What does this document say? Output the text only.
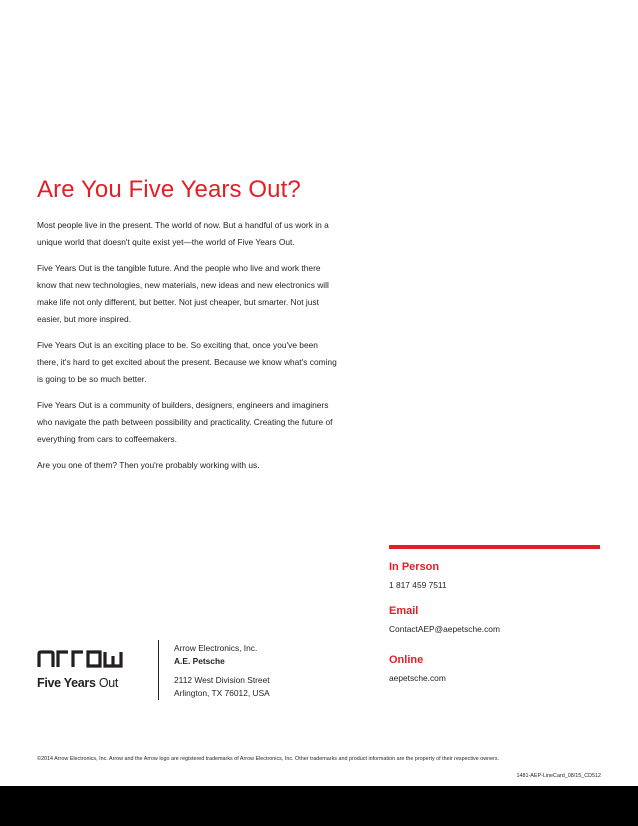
Are You Five Years Out?

Most people live in the present. The world of now. But a handful of us work in a unique world that doesn't quite exist yet—the world of Five Years Out.

Five Years Out is the tangible future. And the people who live and work there know that new technologies, new materials, new ideas and new electronics will make life not only different, but better. Not just cheaper, but smarter. Not just easier, but more inspired.

Five Years Out is an exciting place to be. So exciting that, once you've been there, it's hard to get excited about the present. Because we know what's coming is going to be so much better.

Five Years Out is a community of builders, designers, engineers and imaginers who navigate the path between possibility and practicality. Creating the future of everything from cars to coffeemakers.

Are you one of them? Then you're probably working with us.

In Person
1 817 459 7511
Email
ContactAEP@aepetsche.com
Online
aepetsche.com
Five Years Out
Arrow Electronics, Inc.
A.E. Petsche
2112 West Division Street
Arlington, TX 76012, USA
©2014 Arrow Electronics, Inc. Arrow and the Arrow logo are registered trademarks of Arrow Electronics, Inc. Other trademarks and product information are the property of their respective owners.
1481-AEP-LineCard_08/15_CD512
